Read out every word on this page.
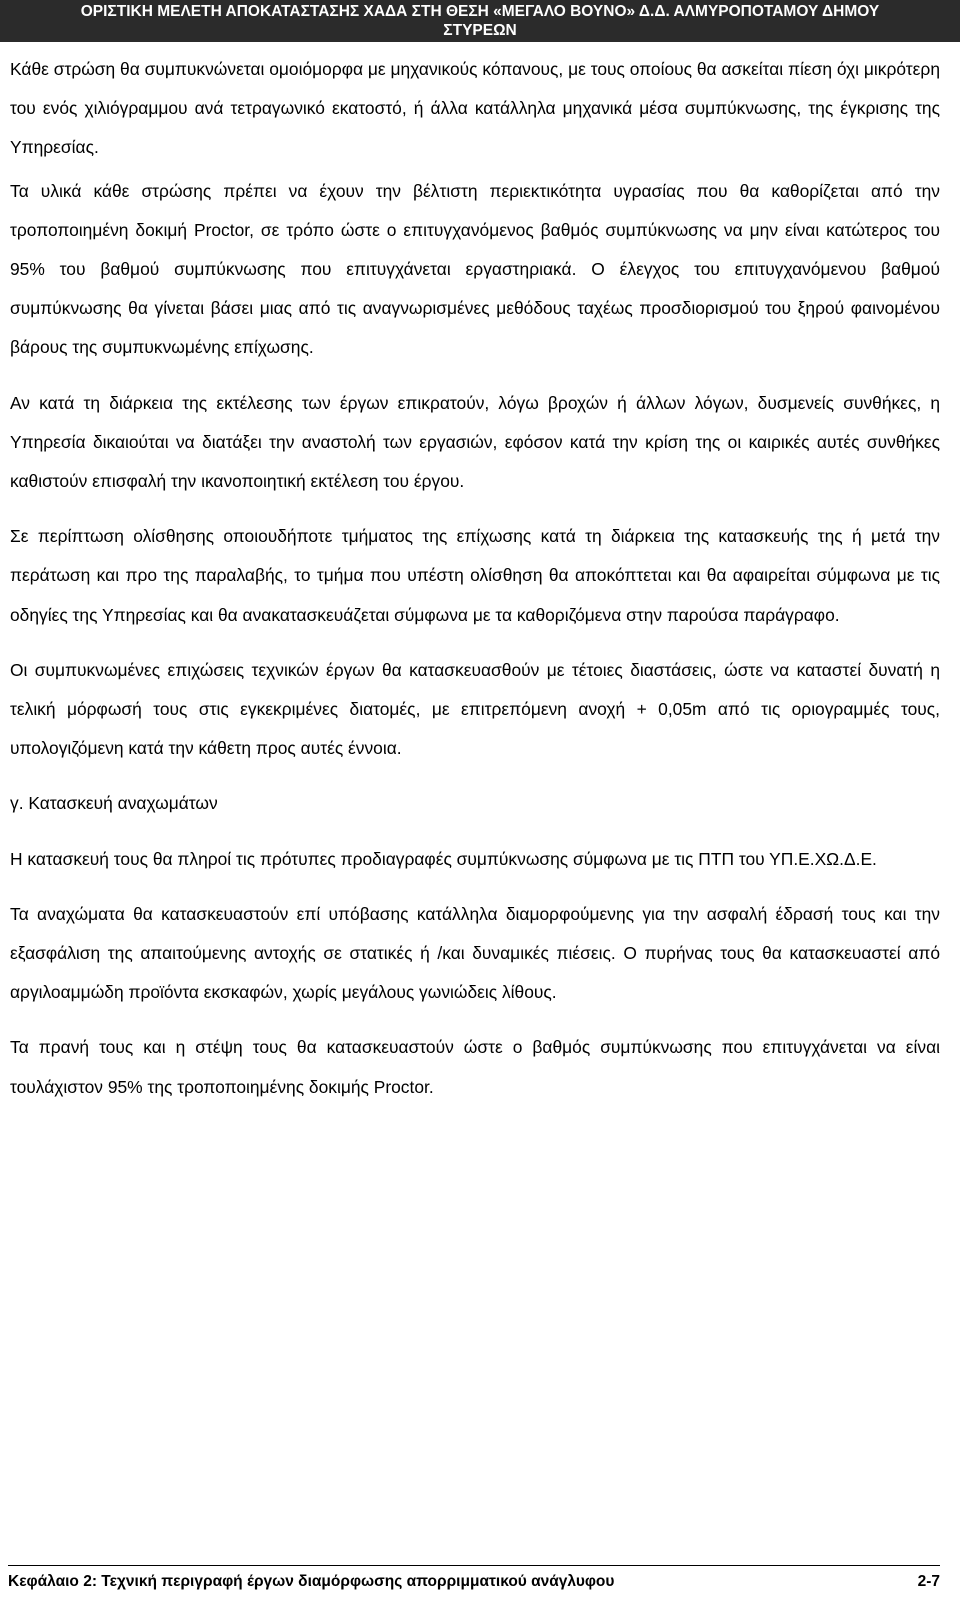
ΟΡΙΣΤΙΚΗ ΜΕΛΕΤΗ ΑΠΟΚΑΤΑΣΤΑΣΗΣ ΧΑΔΑ ΣΤΗ ΘΕΣΗ «ΜΕΓΑΛΟ ΒΟΥΝΟ» Δ.Δ. ΑΛΜΥΡΟΠΟΤΑΜΟΥ ΔΗΜΟΥ
ΣΤΥΡΕΩΝ

Κάθε στρώση θα συμπυκνώνεται ομοιόμορφα με μηχανικούς κόπανους, με τους οποίους θα ασκείται πίεση όχι μικρότερη του ενός χιλιόγραμμου ανά τετραγωνικό εκατοστό, ή άλλα κατάλληλα μηχανικά μέσα συμπύκνωσης, της έγκρισης της Υπηρεσίας.

Τα υλικά κάθε στρώσης πρέπει να έχουν την βέλτιστη περιεκτικότητα υγρασίας που θα καθορίζεται από την τροποποιημένη δοκιμή Proctor, σε τρόπο ώστε ο επιτυγχανόμενος βαθμός συμπύκνωσης να μην είναι κατώτερος του 95% του βαθμού συμπύκνωσης που επιτυγχάνεται εργαστηριακά. Ο έλεγχος του επιτυγχανόμενου βαθμού συμπύκνωσης θα γίνεται βάσει μιας από τις αναγνωρισμένες μεθόδους ταχέως προσδιορισμού του ξηρού φαινομένου βάρους της συμπυκνωμένης επίχωσης.

Αν κατά τη διάρκεια της εκτέλεσης των έργων επικρατούν, λόγω βροχών ή άλλων λόγων, δυσμενείς συνθήκες, η Υπηρεσία δικαιούται να διατάξει την αναστολή των εργασιών, εφόσον κατά την κρίση της οι καιρικές αυτές συνθήκες καθιστούν επισφαλή την ικανοποιητική εκτέλεση του έργου.

Σε περίπτωση ολίσθησης οποιουδήποτε τμήματος της επίχωσης κατά τη διάρκεια της κατασκευής της ή μετά την περάτωση και προ της παραλαβής, το τμήμα που υπέστη ολίσθηση θα αποκόπτεται και θα αφαιρείται σύμφωνα με τις οδηγίες της Υπηρεσίας και θα ανακατασκευάζεται σύμφωνα με τα καθοριζόμενα στην παρούσα παράγραφο.

Οι συμπυκνωμένες επιχώσεις τεχνικών έργων θα κατασκευασθούν με τέτοιες διαστάσεις, ώστε να καταστεί δυνατή η τελική μόρφωσή τους στις εγκεκριμένες διατομές, με επιτρεπόμενη ανοχή + 0,05m από τις οριογραμμές τους, υπολογιζόμενη κατά την κάθετη προς αυτές έννοια.

γ. Κατασκευή αναχωμάτων

Η κατασκευή τους θα πληροί τις πρότυπες προδιαγραφές συμπύκνωσης σύμφωνα με τις ΠΤΠ του ΥΠ.Ε.ΧΩ.Δ.Ε.

Τα αναχώματα θα κατασκευαστούν επί υπόβασης κατάλληλα διαμορφούμενης για την ασφαλή έδρασή τους και την εξασφάλιση της απαιτούμενης αντοχής σε στατικές ή /και δυναμικές πιέσεις. Ο πυρήνας τους θα κατασκευαστεί από αργιλοαμμώδη προϊόντα εκσκαφών, χωρίς μεγάλους γωνιώδεις λίθους.

Τα πρανή τους και η στέψη τους θα κατασκευαστούν ώστε ο βαθμός συμπύκνωσης που επιτυγχάνεται να είναι τουλάχιστον 95% της τροποποιημένης δοκιμής Proctor.

Κεφάλαιο 2: Τεχνική περιγραφή έργων διαμόρφωσης απορριμματικού ανάγλυφου	2-7
